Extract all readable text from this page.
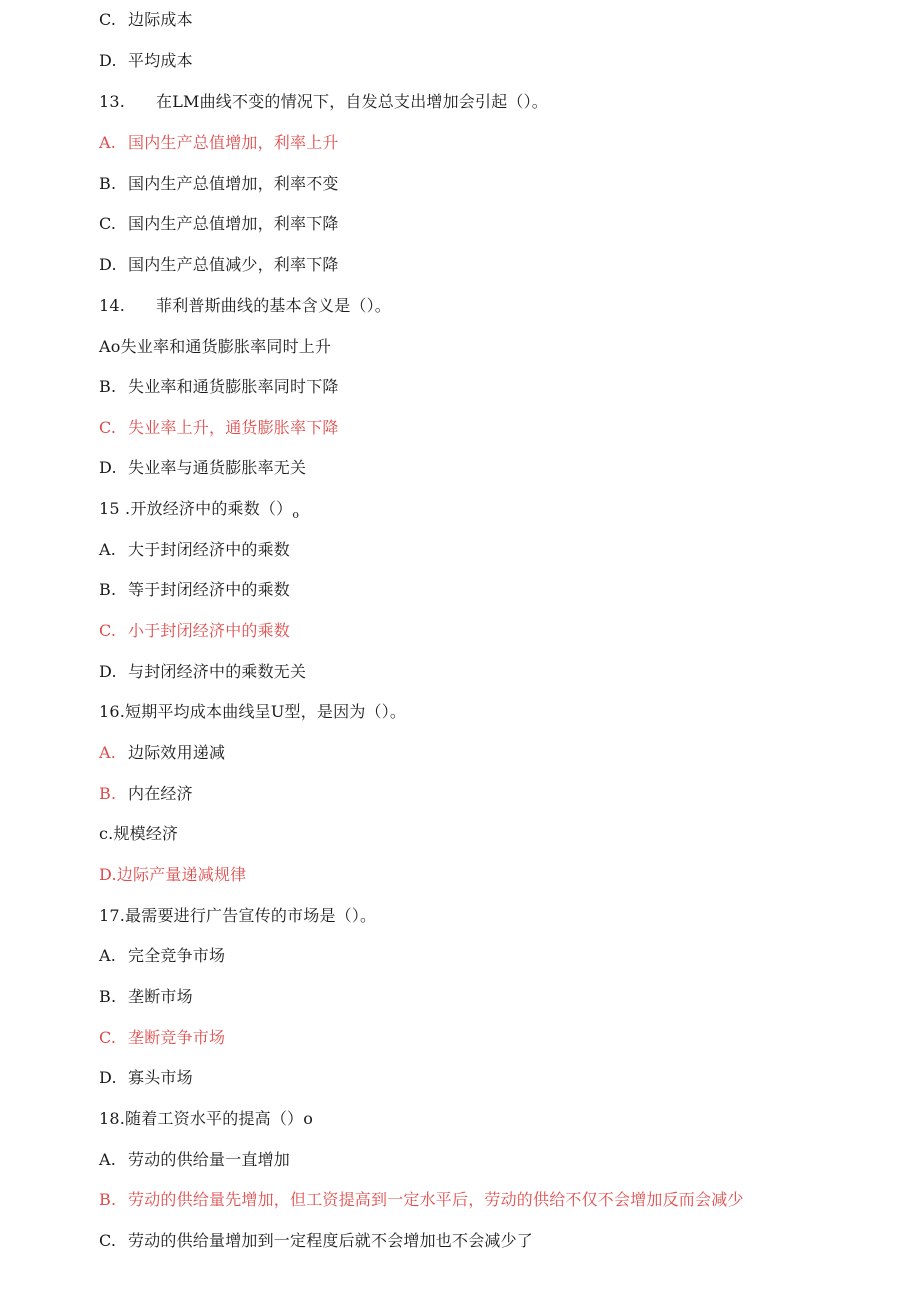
C. 边际成本
D. 平均成本
13. 在LM曲线不变的情况下，自发总支出增加会引起（）。
A. 国内生产总值增加，利率上升
B. 国内生产总值增加，利率不变
C. 国内生产总值增加，利率下降
D. 国内生产总值减少，利率下降
14. 菲利普斯曲线的基本含义是（）。
Ao失业率和通货膨胀率同时上升
B. 失业率和通货膨胀率同时下降
C. 失业率上升，通货膨胀率下降
D. 失业率与通货膨胀率无关
15 .开放经济中的乘数$()_o$
A. 大于封闭经济中的乘数
B. 等于封闭经济中的乘数
C. 小于封闭经济中的乘数
D. 与封闭经济中的乘数无关
16.短期平均成本曲线呈U型，是因为（）。
A. 边际效用递减
B. 内在经济
c.规模经济
D.边际产量递减规律
17.最需要进行广告宣传的市场是（）。
A. 完全竞争市场
B. 垄断市场
C. 垄断竞争市场
D. 寡头市场
18.随着工资水平的提高（）o
A. 劳动的供给量一直增加
B. 劳动的供给量先增加，但工资提高到一定水平后，劳动的供给不仅不会增加反而会减少
C. 劳动的供给量增加到一定程度后就不会增加也不会减少了
